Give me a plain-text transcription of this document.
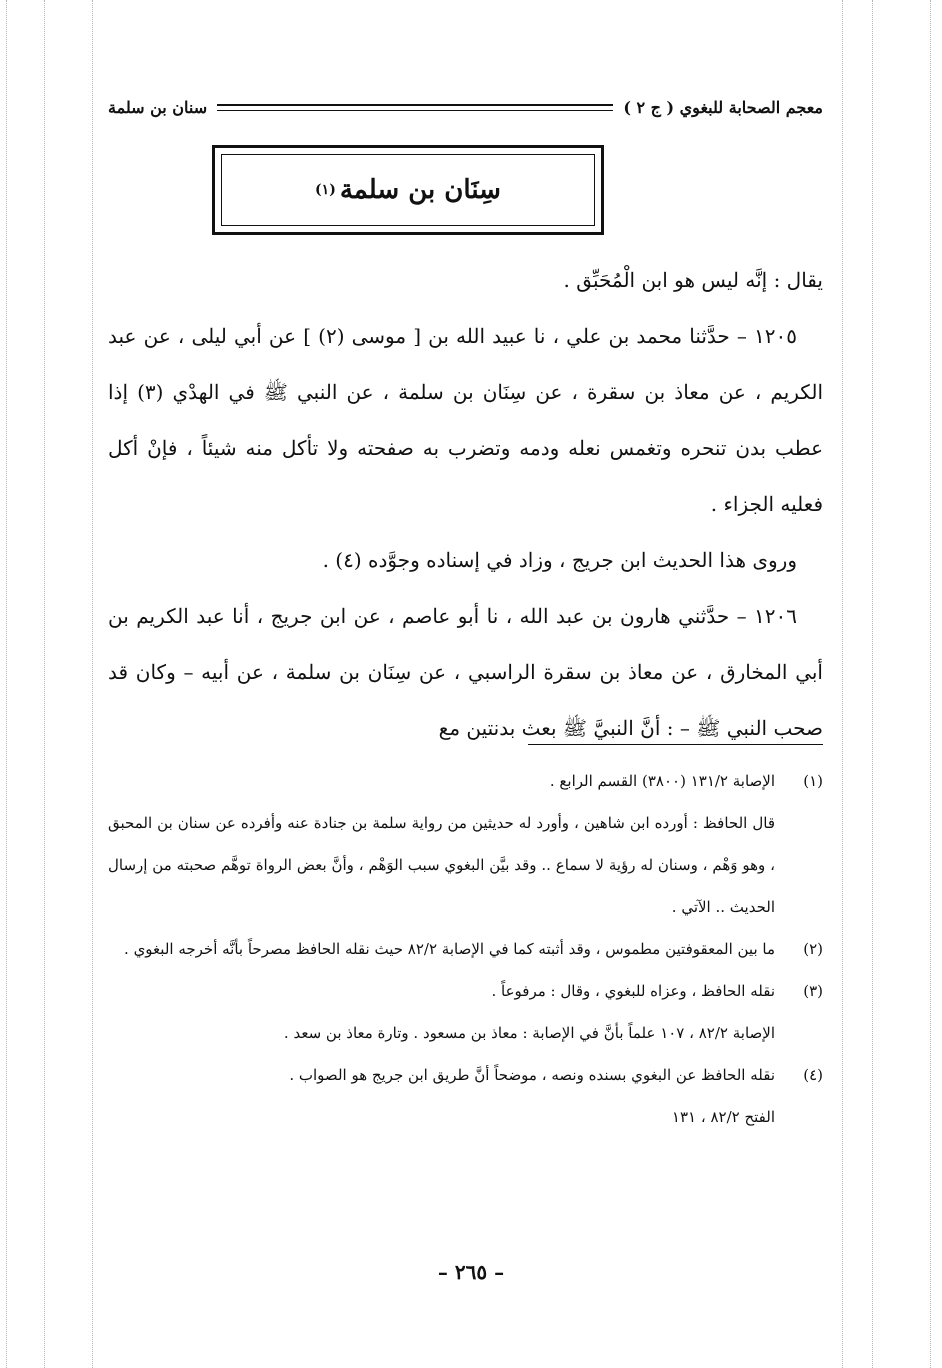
معجم الصحابة للبغوي ( ج ٢ )
سنان بن سلمة
سِنَان بن سلمة
(١)

يقال : إنَّه ليس هو ابن الْمُحَبِّق .

١٢٠٥ – حدَّثنا محمد بن علي ، نا عبيد الله بن [ موسى (٢) ] عن أبي ليلى ، عن عبد الكريم ، عن معاذ بن سقرة ، عن سِنَان بن سلمة ، عن النبي ﷺ في الهدْي (٣) إذا عطب بدن تنحره وتغمس نعله ودمه وتضرب به صفحته ولا تأكل منه شيئاً ، فإنْ أكل فعليه الجزاء .

وروى هذا الحديث ابن جريج ، وزاد في إسناده وجوَّده (٤) .

١٢٠٦ – حدَّثني هارون بن عبد الله ، نا أبو عاصم ، عن ابن جريج ، أنا عبد الكريم بن أبي المخارق ، عن معاذ بن سقرة الراسبي ، عن سِنَان بن سلمة ، عن أبيه – وكان قد صحب النبي ﷺ – : أنَّ النبيَّ ﷺ بعث بدنتين مع

(١)

الإصابة ١٣١/٢ (٣٨٠٠) القسم الرابع .

قال الحافظ : أورده ابن شاهين ، وأورد له حديثين من رواية سلمة بن جنادة عنه وأفرده عن سنان بن المحبق ، وهو وَهْم ، وسنان له رؤية لا سماع .. وقد بيَّن البغوي سبب الوَهْم ، وأنَّ بعض الرواة توهَّم صحبته من إرسال الحديث .. الآتي .

(٢)

ما بين المعقوفتين مطموس ، وقد أثبته كما في الإصابة ٨٢/٢ حيث نقله الحافظ مصرحاً بأنَّه أخرجه البغوي .

(٣)

نقله الحافظ ، وعزاه للبغوي ، وقال : مرفوعاً .

الإصابة ٨٢/٢ ، ١٠٧ علماً بأنَّ في الإصابة : معاذ بن مسعود . وتارة معاذ بن سعد .

(٤)

نقله الحافظ عن البغوي بسنده ونصه ، موضحاً أنَّ طريق ابن جريج هو الصواب .

الفتح ٨٢/٢ ، ١٣١

– ٢٦٥ –
